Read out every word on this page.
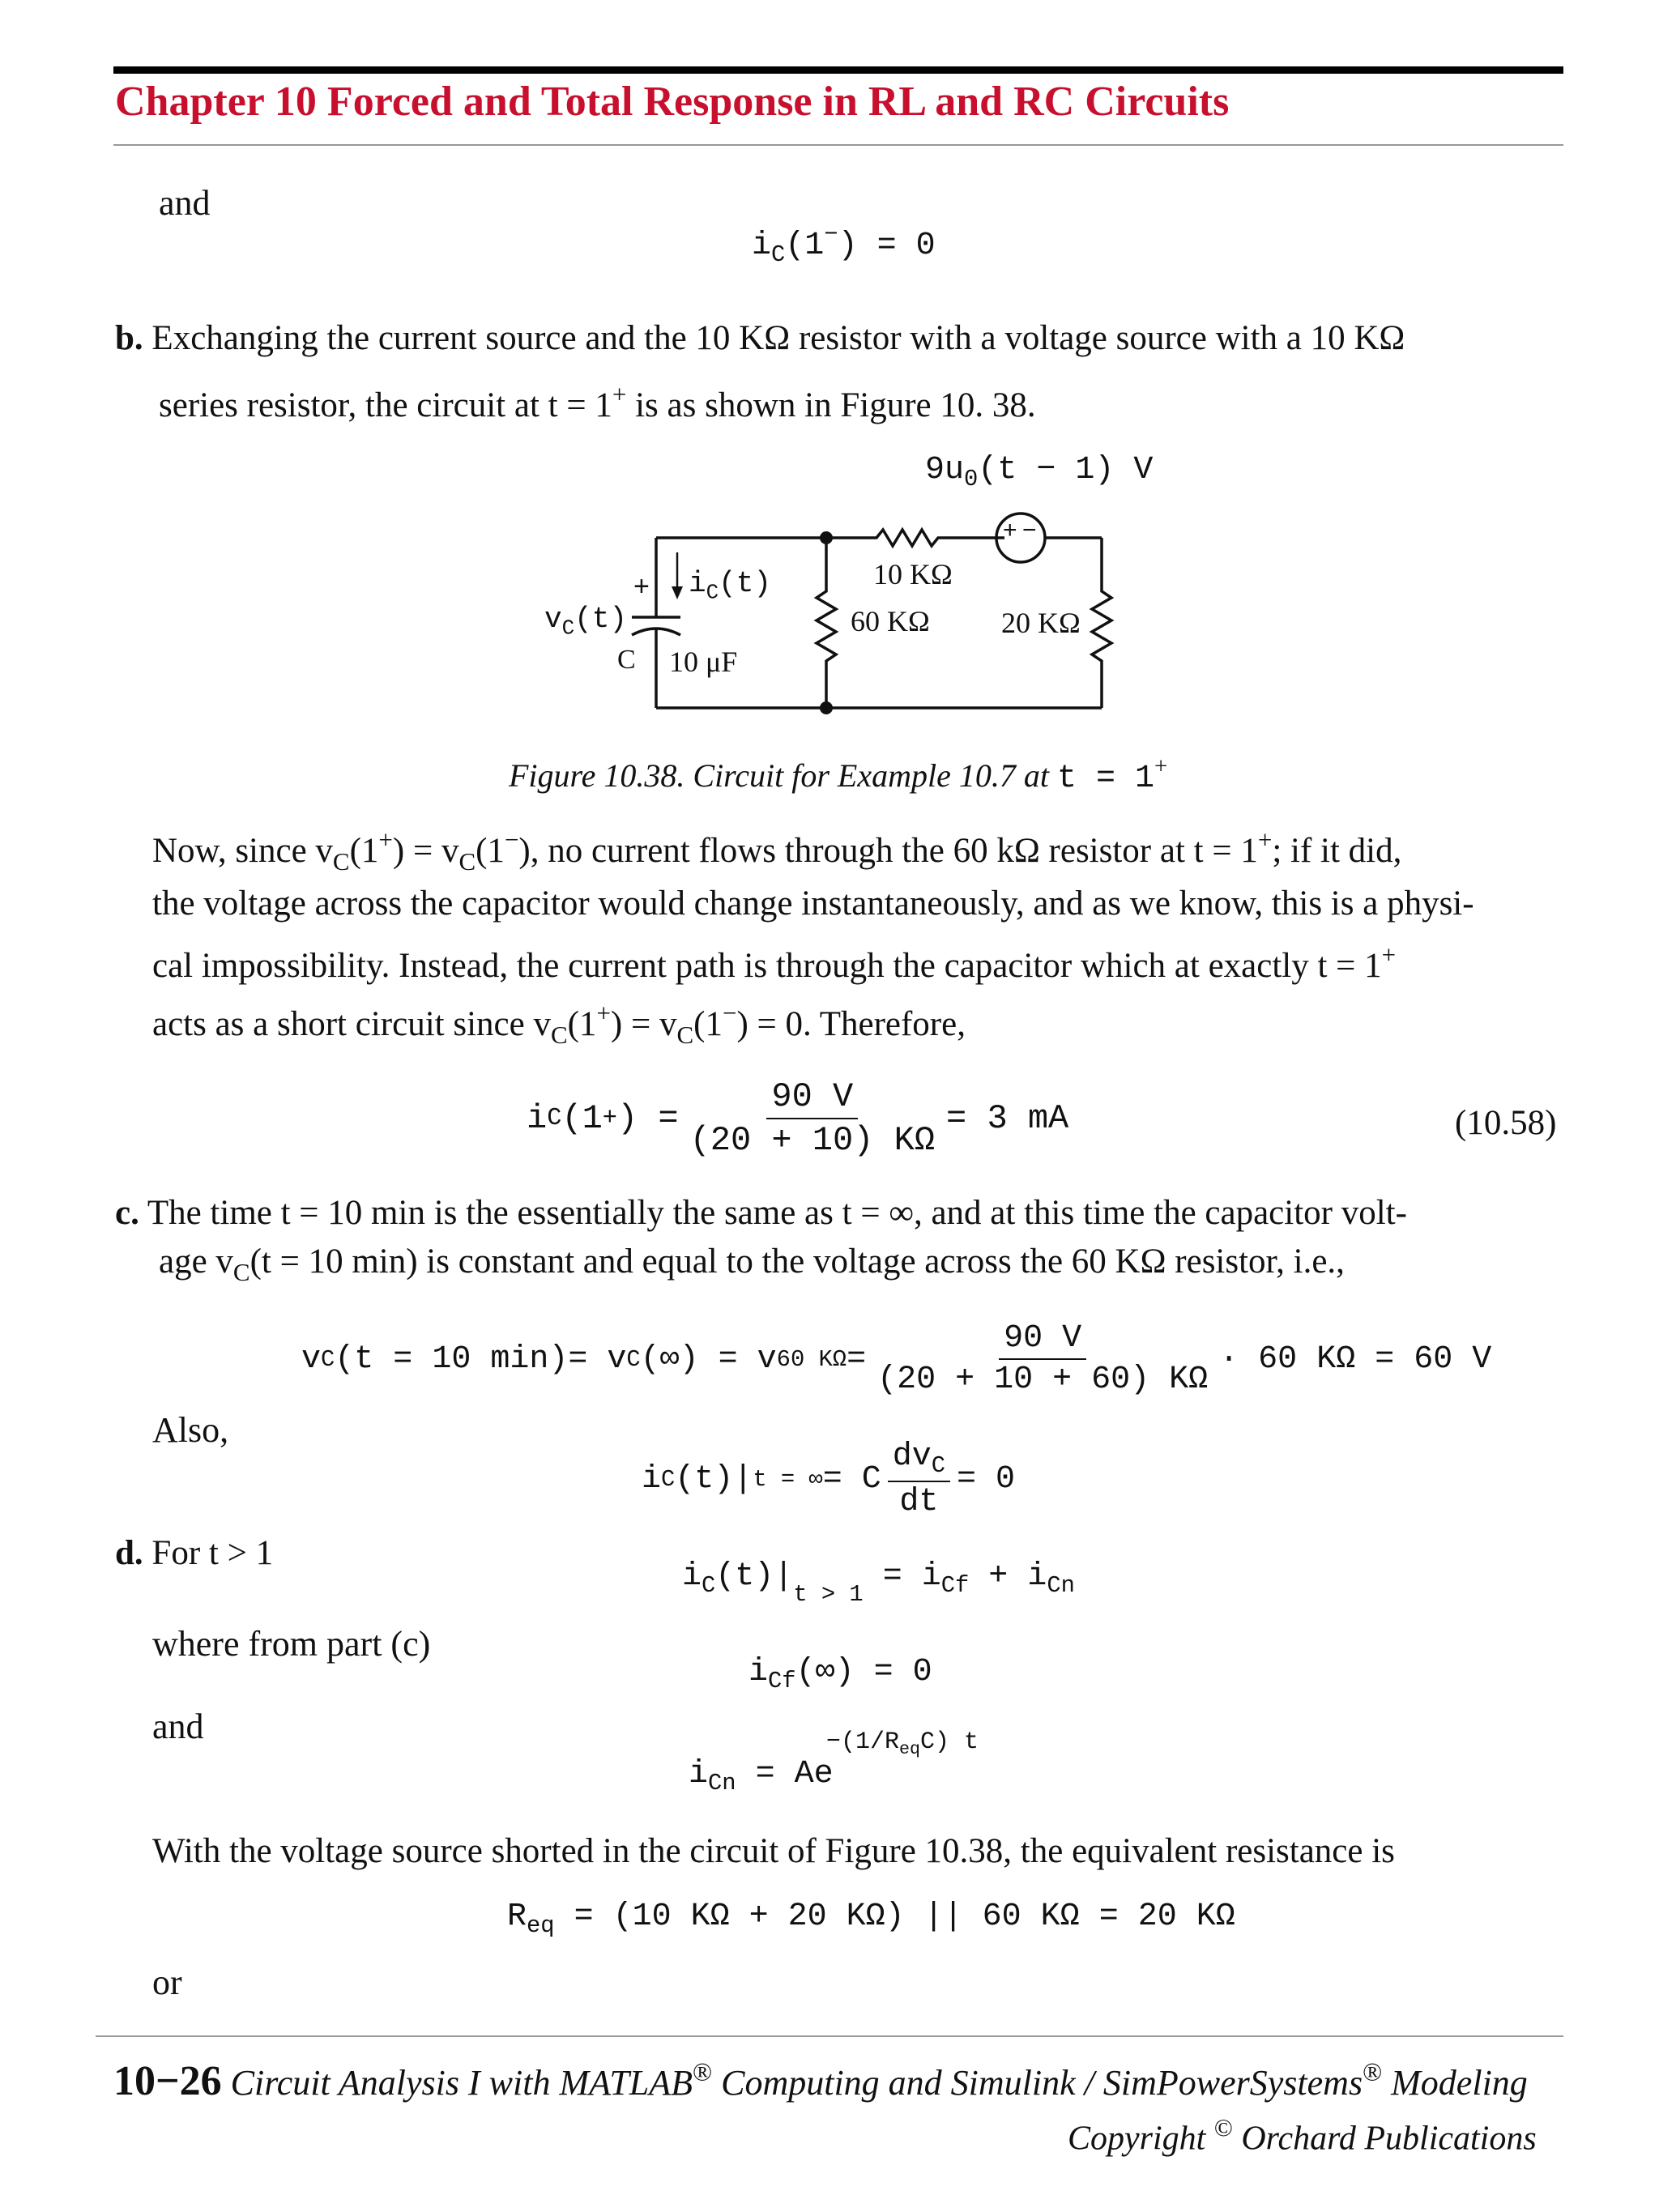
Chapter 10 Forced and Total Response in RL and RC Circuits
and
$i_C(1^-) = 0$
b. Exchanging the current source and the 10 KΩ resistor with a voltage source with a 10 KΩ
series resistor, the circuit at t = 1+ is as shown in Figure 10. 38.
$9u_0(t - 1)$ V
+ −
10 KΩ
60 KΩ 20 KΩ
$v_C(t)$
$i_C(t)$
+
C 10 μF
Figure 10.38. Circuit for Example 10.7 at t = 1+
Now, since $v_C(1^+) = v_C(1^-)$, no current flows through the 60 kΩ resistor at t = 1+; if it did,
the voltage across the capacitor would change instantaneously, and as we know, this is a physi-
cal impossibility. Instead, the current path is through the capacitor which at exactly t = 1+
acts as a short circuit since $v_C(1^+) = v_C(1^-) = 0$. Therefore,
i C (1 + ) = $\frac{90 V}{(20 + 10) K\Omega} = 3$ mA	(10.58)
c. The time t = 10 min is the essentially the same as t = ∞, and at this time the capacitor volt-
age $v_C(t = 10$ min) is constant and equal to the voltage across the 60 KΩ resistor, i.e.,
v C (t = 10 min)= v C (∞) = v 60 $K\Omega = \frac{90 V}{(20 + 10 + 60) K\Omega} \cdot 60$ KΩ = 60 V
Also,
i C (t)| t = ∞ = C $\frac{dv_C}{dt} = 0$
d. For t > 1
$i_C(t)|_{t > 1} = i_{Cf} + i_{Cn}$
where from part (c)
$i_{Cf}(\infty) = 0$
and	$-(1/R_{eq}C)$ t
$i_{Cn} = Ae$
With the voltage source shorted in the circuit of Figure 10.38, the equivalent resistance is
$R_{eq} = (10$ KΩ + 20 KΩ) || 60 KΩ = 20 KΩ
or
10−26 Circuit Analysis I with MATLAB® Computing and Simulink / SimPowerSystems® Modeling
Copyright © Orchard Publications
